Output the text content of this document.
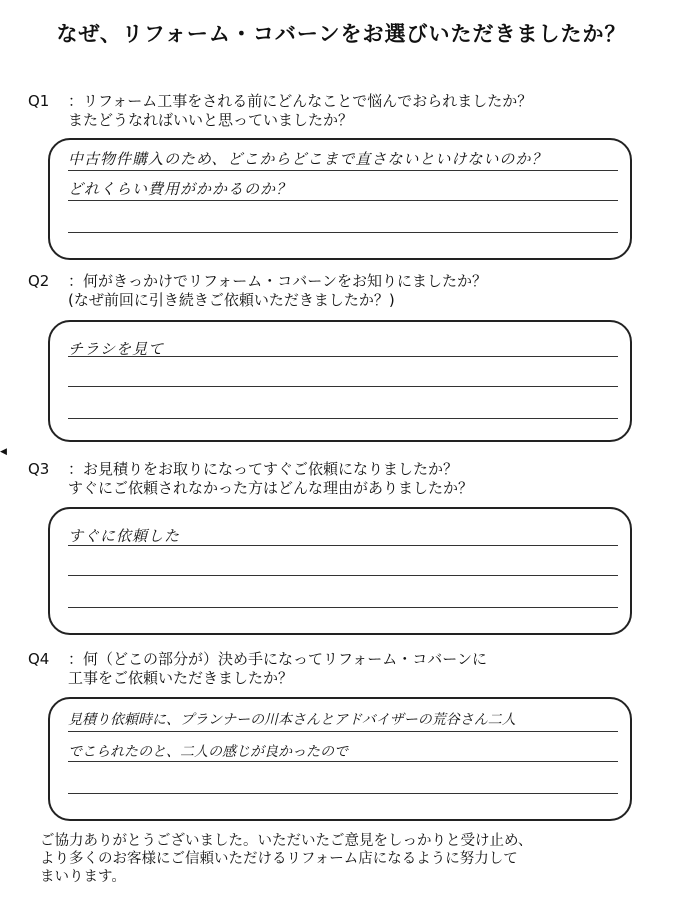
なぜ、リフォーム・コバーンをお選びいただきましたか？
Q1 ：リフォーム工事をされる前にどんなことで悩んでおられましたか？
またどうなればいいと思っていましたか？
中古物件購入のため、どこからどこまで直さないといけないのか？
どれくらい費用がかかるのか？
Q2 ：何がきっかけでリフォーム・コバーンをお知りにましたか？
(なぜ前回に引き続きご依頼いただきましたか？)
チラシを見て
◀
Q3 ：お見積りをお取りになってすぐご依頼になりましたか？
すぐにご依頼されなかった方はどんな理由がありましたか？
すぐに依頼した
Q4 ：何（どこの部分が）決め手になってリフォーム・コバーンに
工事をご依頼いただきましたか？
見積り依頼時に、プランナーの川本さんとアドバイザーの荒谷さん二人
でこられたのと、二人の感じが良かったので
ご協力ありがとうございました。いただいたご意見をしっかりと受け止め、
より多くのお客様にご信頼いただけるリフォーム店になるように努力して
まいります。
